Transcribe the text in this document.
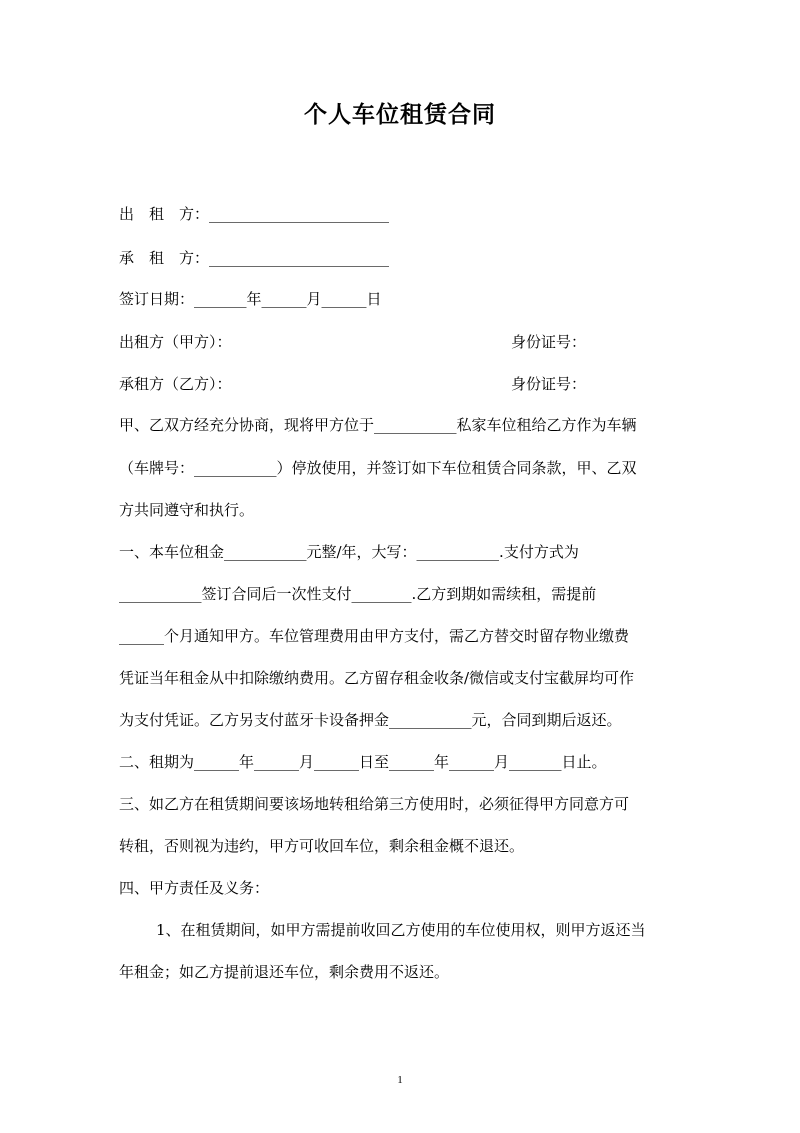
个人车位租赁合同
出　租　方：________________________
承　租　方：________________________
签订日期：_______年______月______日
出租方（甲方）：	身份证号：
承租方（乙方）：	身份证号：
甲、乙双方经充分协商，现将甲方位于___________私家车位租给乙方作为车辆
（车牌号：___________）停放使用，并签订如下车位租赁合同条款，甲、乙双
方共同遵守和执行。
一、本车位租金___________元整/年，大写：___________.支付方式为
___________签订合同后一次性支付________.乙方到期如需续租，需提前
______个月通知甲方。车位管理费用由甲方支付，需乙方替交时留存物业缴费
凭证当年租金从中扣除缴纳费用。乙方留存租金收条/微信或支付宝截屏均可作
为支付凭证。乙方另支付蓝牙卡设备押金___________元，合同到期后返还。
二、租期为______年______月______日至______年______月_______日止。
三、如乙方在租赁期间要该场地转租给第三方使用时，必须征得甲方同意方可
转租，否则视为违约，甲方可收回车位，剩余租金概不退还。
四、甲方责任及义务：
1、在租赁期间，如甲方需提前收回乙方使用的车位使用权，则甲方返还当
年租金；如乙方提前退还车位，剩余费用不返还。
1
